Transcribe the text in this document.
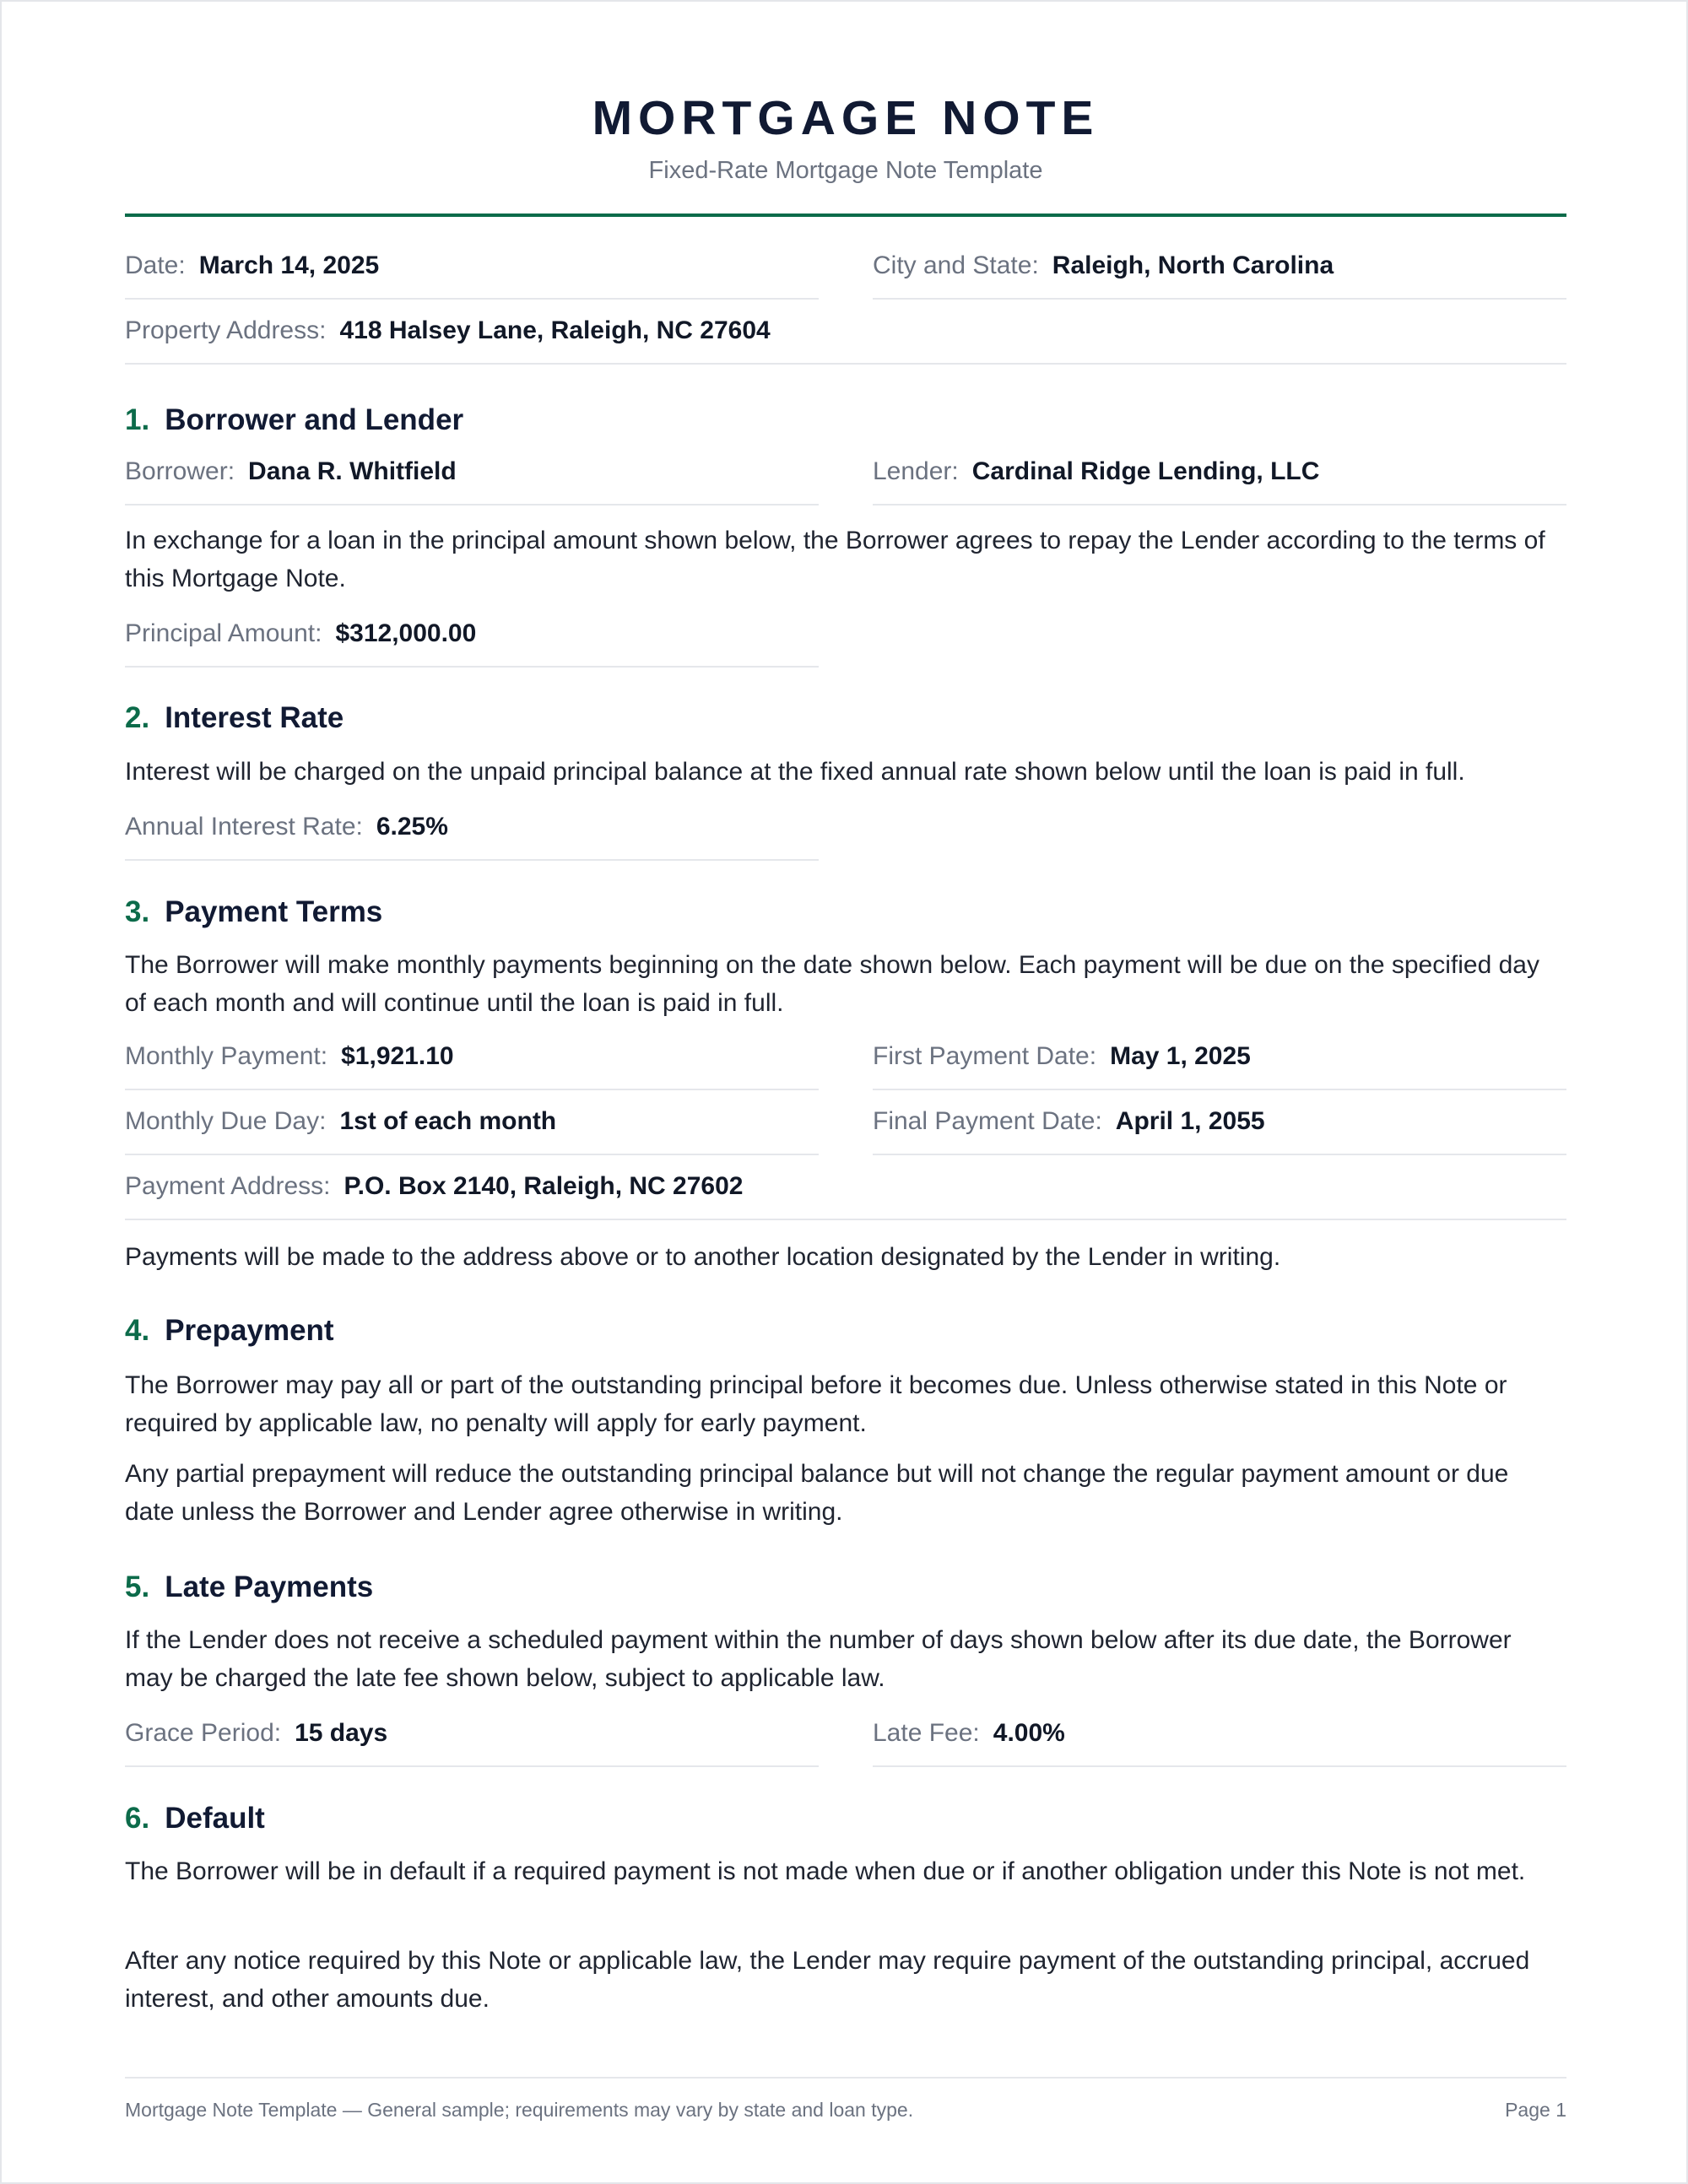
MORTGAGE NOTE
Fixed-Rate Mortgage Note Template
Date: March 14, 2025	City and State: Raleigh, North Carolina
Property Address: 418 Halsey Lane, Raleigh, NC 27604
1. Borrower and Lender
Borrower: Dana R. Whitfield	Lender: Cardinal Ridge Lending, LLC
In exchange for a loan in the principal amount shown below, the Borrower agrees to repay the Lender according to the terms of this Mortgage Note.
Principal Amount: $312,000.00
2. Interest Rate
Interest will be charged on the unpaid principal balance at the fixed annual rate shown below until the loan is paid in full.
Annual Interest Rate: 6.25%
3. Payment Terms
The Borrower will make monthly payments beginning on the date shown below. Each payment will be due on the specified day of each month and will continue until the loan is paid in full.
Monthly Payment: $1,921.10	First Payment Date: May 1, 2025
Monthly Due Day: 1st of each month	Final Payment Date: April 1, 2055
Payment Address: P.O. Box 2140, Raleigh, NC 27602
Payments will be made to the address above or to another location designated by the Lender in writing.
4. Prepayment
The Borrower may pay all or part of the outstanding principal before it becomes due. Unless otherwise stated in this Note or required by applicable law, no penalty will apply for early payment.
Any partial prepayment will reduce the outstanding principal balance but will not change the regular payment amount or due date unless the Borrower and Lender agree otherwise in writing.
5. Late Payments
If the Lender does not receive a scheduled payment within the number of days shown below after its due date, the Borrower may be charged the late fee shown below, subject to applicable law.
Grace Period: 15 days	Late Fee: 4.00%
6. Default
The Borrower will be in default if a required payment is not made when due or if another obligation under this Note is not met.
After any notice required by this Note or applicable law, the Lender may require payment of the outstanding principal, accrued interest, and other amounts due.
Mortgage Note Template — General sample; requirements may vary by state and loan type.	Page 1
